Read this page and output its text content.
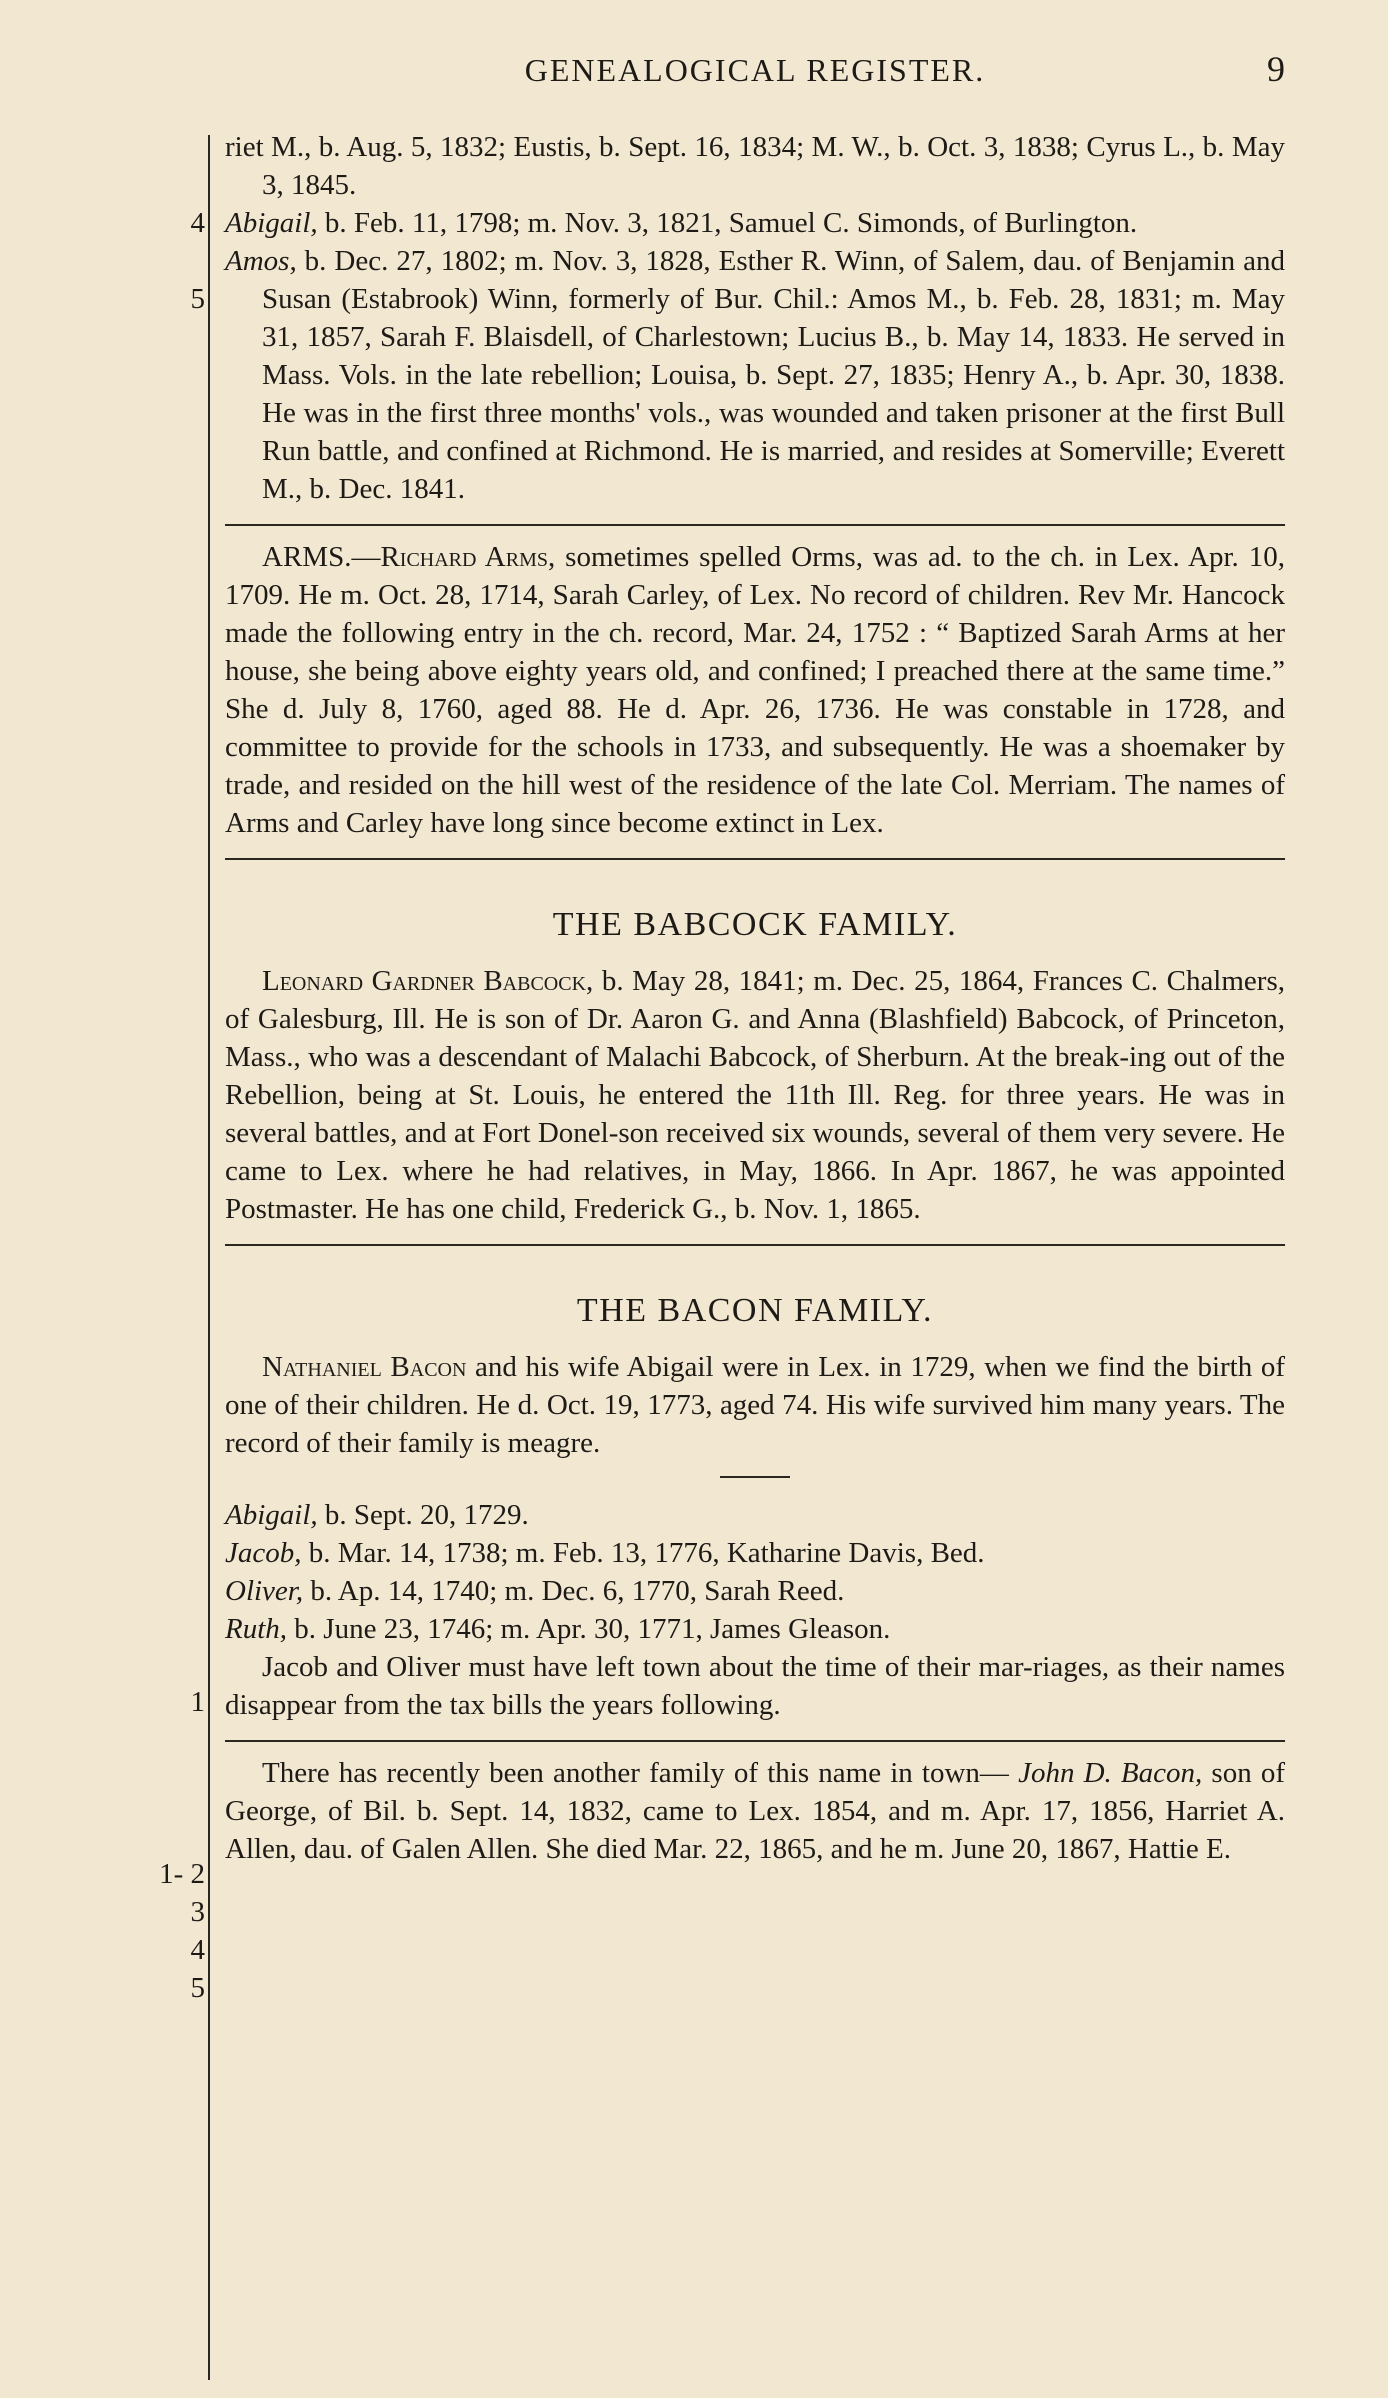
GENEALOGICAL REGISTER.	9
4
5
1
1- 2
3
4
5

riet M., b. Aug. 5, 1832; Eustis, b. Sept. 16, 1834; M. W., b. Oct. 3, 1838; Cyrus L., b. May 3, 1845.

Abigail, b. Feb. 11, 1798; m. Nov. 3, 1821, Samuel C. Simonds, of Burlington.

Amos, b. Dec. 27, 1802; m. Nov. 3, 1828, Esther R. Winn, of Salem, dau. of Benjamin and Susan (Estabrook) Winn, formerly of Bur. Chil.: Amos M., b. Feb. 28, 1831; m. May 31, 1857, Sarah F. Blaisdell, of Charlestown; Lucius B., b. May 14, 1833. He served in Mass. Vols. in the late rebellion; Louisa, b. Sept. 27, 1835; Henry A., b. Apr. 30, 1838. He was in the first three months' vols., was wounded and taken prisoner at the first Bull Run battle, and confined at Richmond. He is married, and resides at Somerville; Everett M., b. Dec. 1841.

ARMS.—Richard Arms, sometimes spelled Orms, was ad. to the ch. in Lex. Apr. 10, 1709. He m. Oct. 28, 1714, Sarah Carley, of Lex. No record of children. Rev Mr. Hancock made the following entry in the ch. record, Mar. 24, 1752 : “ Baptized Sarah Arms at her house, she being above eighty years old, and confined; I preached there at the same time.” She d. July 8, 1760, aged 88. He d. Apr. 26, 1736. He was constable in 1728, and committee to provide for the schools in 1733, and subsequently. He was a shoemaker by trade, and resided on the hill west of the residence of the late Col. Merriam. The names of Arms and Carley have long since become extinct in Lex.

THE BABCOCK FAMILY.

Leonard Gardner Babcock, b. May 28, 1841; m. Dec. 25, 1864, Frances C. Chalmers, of Galesburg, Ill. He is son of Dr. Aaron G. and Anna (Blashfield) Babcock, of Princeton, Mass., who was a descendant of Malachi Babcock, of Sherburn. At the break-ing out of the Rebellion, being at St. Louis, he entered the 11th Ill. Reg. for three years. He was in several battles, and at Fort Donel-son received six wounds, several of them very severe. He came to Lex. where he had relatives, in May, 1866. In Apr. 1867, he was appointed Postmaster. He has one child, Frederick G., b. Nov. 1, 1865.

THE BACON FAMILY.

Nathaniel Bacon and his wife Abigail were in Lex. in 1729, when we find the birth of one of their children. He d. Oct. 19, 1773, aged 74. His wife survived him many years. The record of their family is meagre.

Abigail, b. Sept. 20, 1729.

Jacob, b. Mar. 14, 1738; m. Feb. 13, 1776, Katharine Davis, Bed.

Oliver, b. Ap. 14, 1740; m. Dec. 6, 1770, Sarah Reed.

Ruth, b. June 23, 1746; m. Apr. 30, 1771, James Gleason.

Jacob and Oliver must have left town about the time of their mar-riages, as their names disappear from the tax bills the years following.

There has recently been another family of this name in town— John D. Bacon, son of George, of Bil. b. Sept. 14, 1832, came to Lex. 1854, and m. Apr. 17, 1856, Harriet A. Allen, dau. of Galen Allen. She died Mar. 22, 1865, and he m. June 20, 1867, Hattie E.
